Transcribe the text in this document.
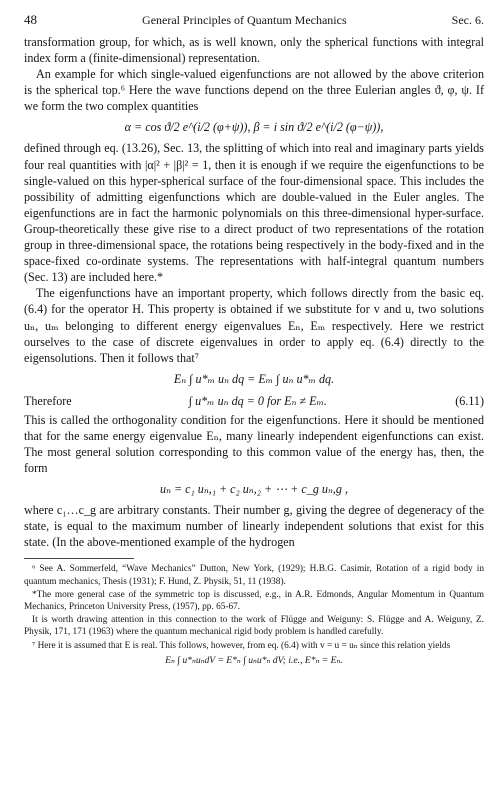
48	General Principles of Quantum Mechanics	Sec. 6.

transformation group, for which, as is well known, only the spherical functions with integral index form a (finite-dimensional) representation.

An example for which single-valued eigenfunctions are not allowed by the above criterion is the spherical top.⁶ Here the wave functions depend on the three Eulerian angles ϑ, φ, ψ. If we form the two complex quantities

α = cos ϑ/2 e^(i/2 (φ+ψ)), β = i sin ϑ/2 e^(i/2 (φ−ψ)),

defined through eq. (13.26), Sec. 13, the splitting of which into real and imaginary parts yields four real quantities with |α|² + |β|² = 1, then it is enough if we require the eigenfunctions to be single-valued on this hyper-spherical surface of the four-dimensional space. This includes the possibility of admitting eigenfunctions which are double-valued in the Euler angles. The eigenfunctions are in fact the harmonic polynomials on this three-dimensional hyper-surface. Group-theoretically these give rise to a direct product of two representations of the rotation group in three-dimensional space, the rotations being respectively in the body-fixed and in the space-fixed co-ordinate systems. The representations with half-integral quantum numbers (Sec. 13) are included here.*

The eigenfunctions have an important property, which follows directly from the basic eq. (6.4) for the operator H. This property is obtained if we substitute for v and u, two solutions uₙ, uₘ belonging to different energy eigenvalues Eₙ, Eₘ respectively. Here we restrict ourselves to the case of discrete eigenvalues in order to apply eq. (6.4) directly to the eigensolutions. Then it follows that⁷

Eₙ ∫ u*ₘ uₙ dq = Eₘ ∫ uₙ u*ₘ dq.
Therefore	∫ u*ₘ uₙ dq = 0 for Eₙ ≠ Eₘ.	(6.11)

This is called the orthogonality condition for the eigenfunctions. Here it should be mentioned that for the same energy eigenvalue Eₙ, many linearly independent eigenfunctions can exist. The most general solution corresponding to this common value of the energy has, then, the form

uₙ = c₁ uₙ,₁ + c₂ uₙ,₂ + ⋯ + c_g uₙ,g ,

where c₁…c_g are arbitrary constants. Their number g, giving the degree of degeneracy of the state, is equal to the maximum number of linearly independent solutions that exist for this state. (In the above-mentioned example of the hydrogen

⁶ See A. Sommerfeld, “Wave Mechanics” Dutton, New York, (1929); H.B.G. Casimir, Rotation of a rigid body in quantum mechanics, Thesis (1931); F. Hund, Z. Physik, 51, 11 (1938).

*The more general case of the symmetric top is discussed, e.g., in A.R. Edmonds, Angular Momentum in Quantum Mechanics, Princeton University Press, (1957), pp. 65-67.

It is worth drawing attention in this connection to the work of Flügge and Weiguny: S. Flügge and A. Weiguny, Z. Physik, 171, 171 (1963) where the quantum mechanical rigid body problem is handled carefully.

⁷ Here it is assumed that E is real. This follows, however, from eq. (6.4) with v = u = uₙ since this relation yields

Eₙ ∫ u*ₙuₙdV = E*ₙ ∫ uₙu*ₙ dV; i.e., E*ₙ = Eₙ.
